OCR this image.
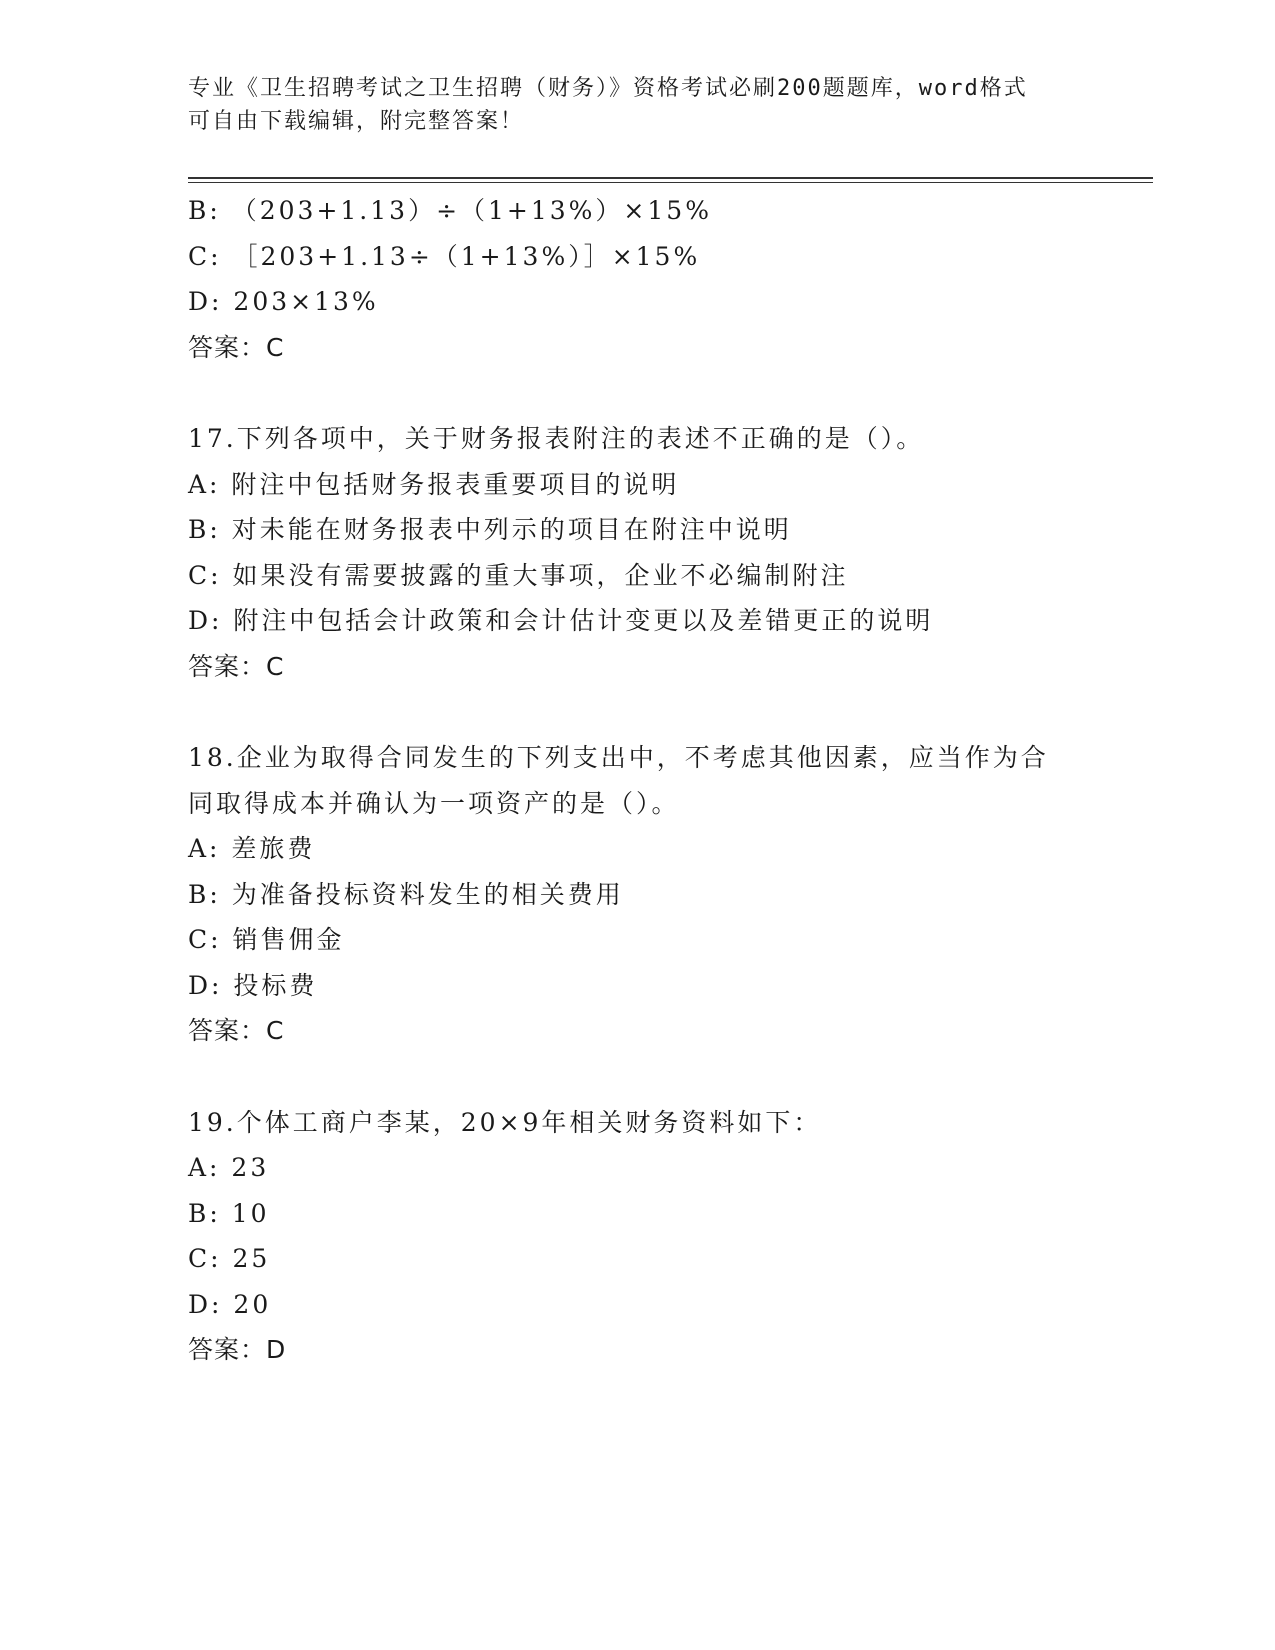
专业《卫生招聘考试之卫生招聘（财务）》资格考试必刷200题题库，word格式
可自由下载编辑，附完整答案！
B: （203+1.13）÷（1+13%）×15%
C: ［203+1.13÷（1+13%）］×15%
D: 203×13%
答案：C
17.下列各项中，关于财务报表附注的表述不正确的是（）。
A: 附注中包括财务报表重要项目的说明
B: 对未能在财务报表中列示的项目在附注中说明
C: 如果没有需要披露的重大事项，企业不必编制附注
D: 附注中包括会计政策和会计估计变更以及差错更正的说明
答案：C
18.企业为取得合同发生的下列支出中，不考虑其他因素，应当作为合
同取得成本并确认为一项资产的是（）。
A: 差旅费
B: 为准备投标资料发生的相关费用
C: 销售佣金
D: 投标费
答案：C
19.个体工商户李某，20×9年相关财务资料如下：
A: 23
B: 10
C: 25
D: 20
答案：D
